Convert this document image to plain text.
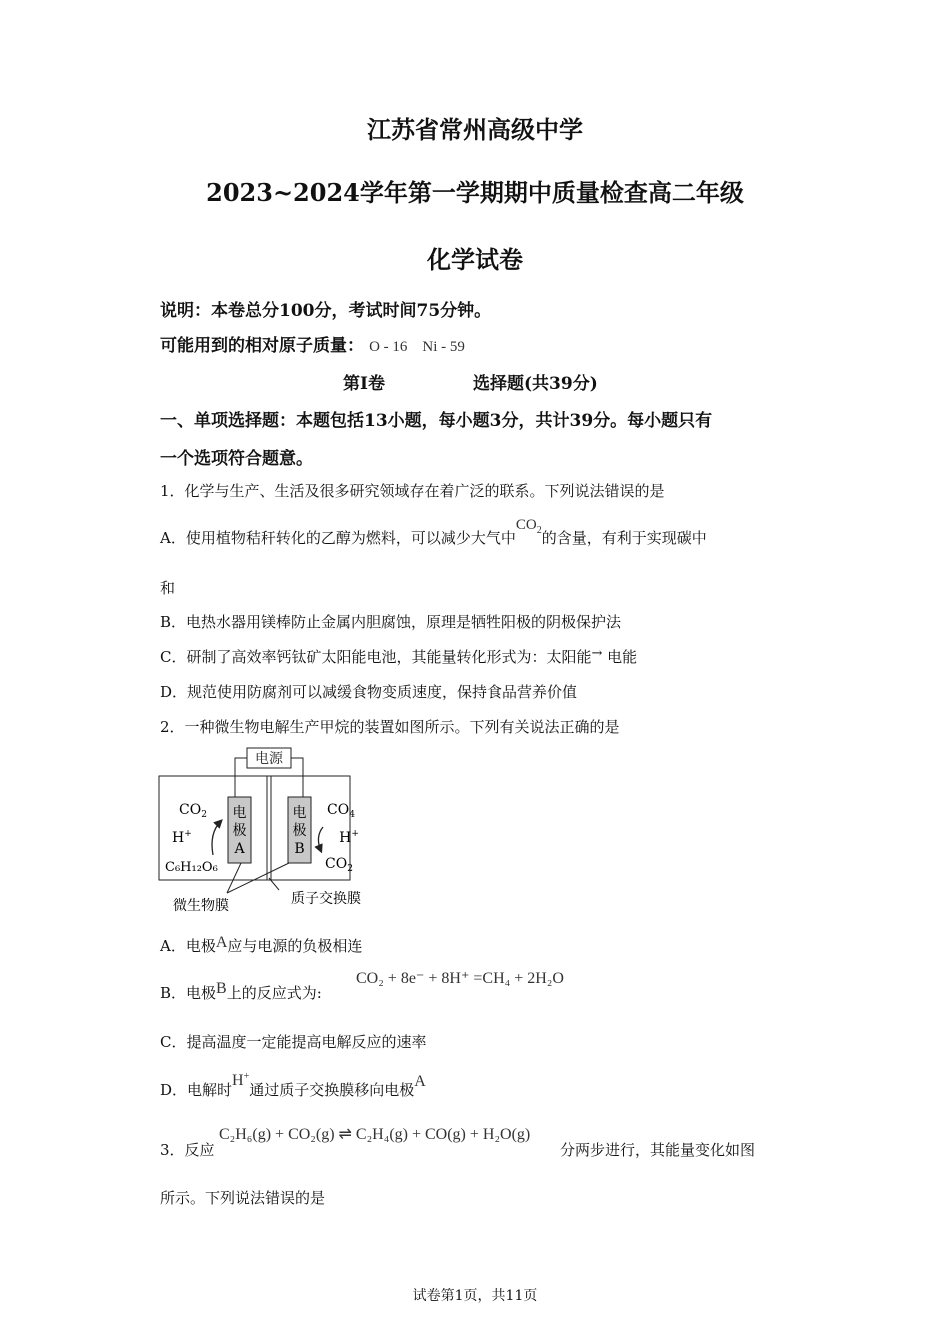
江苏省常州高级中学
2023~2024学年第一学期期中质量检查高二年级
化学试卷
说明：本卷总分100分，考试时间75分钟。
可能用到的相对原子质量： O - 16    Ni - 59
第I卷	选择题(共39分)
一、单项选择题：本题包括13小题，每小题3分，共计39分。每小题只有
一个选项符合题意。
1．化学与生产、生活及很多研究领域存在着广泛的联系。下列说法错误的是
A．使用植物秸秆转化的乙醇为燃料，可以减少大气中$CO_2$的含量，有利于实现碳中
和
B．电热水器用镁棒防止金属内胆腐蚀，原理是牺牲阳极的阴极保护法
C．研制了高效率钙钛矿太阳能电池，其能量转化形式为：太阳能→ 电能
D．规范使用防腐剂可以减缓食物变质速度，保持食品营养价值
2．一种微生物电解生产甲烷的装置如图所示。下列有关说法正确的是
电源
电
极
A
电
极
B
$CO_2$
H+
C₆H₁₂O₆
$CO_4$
H+
$CO_2$
微生物膜	质子交换膜
A．电极A应与电源的负极相连
B．电极B上的反应式为:
CO₂ + 8e⁻ + 8H⁺ =CH₄ + 2H₂O
C．提高温度一定能提高电解反应的速率
D．电解时H+通过质子交换膜移向电极A
3．反应
C₂H₆(g) + CO₂(g) ⇌ C₂H₄(g) + CO(g) + H₂O(g)
分两步进行，其能量变化如图
所示。下列说法错误的是
试卷第1页，共11页
